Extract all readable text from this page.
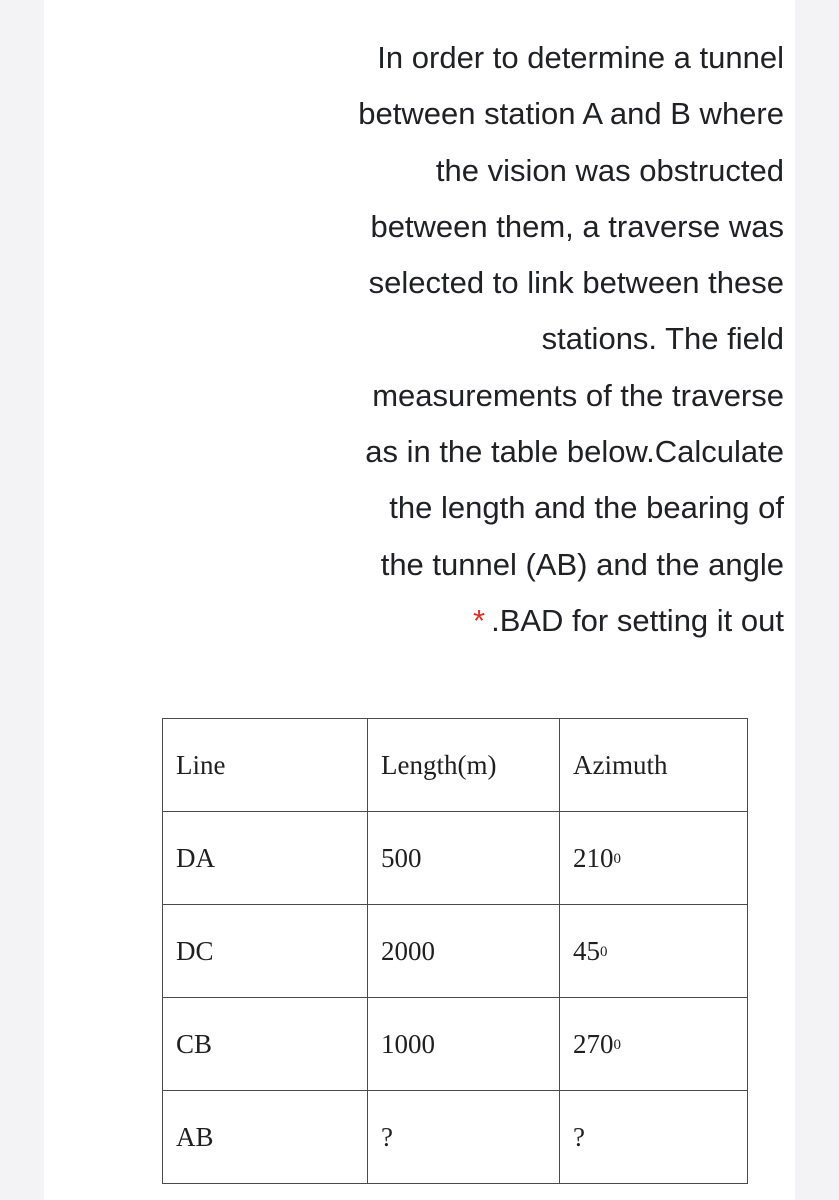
In order to determine a tunnel
between station A and B where
the vision was obstructed
between them, a traverse was
selected to link between these
stations. The field
measurements of the traverse
as in the table below.Calculate
the length and the bearing of
the tunnel (AB) and the angle
* .BAD for setting it out
Line	Length(m)	Azimuth
DA	500	$210^0$
DC	2000	$45^0$
CB	1000	$270^0$
AB	?	?
